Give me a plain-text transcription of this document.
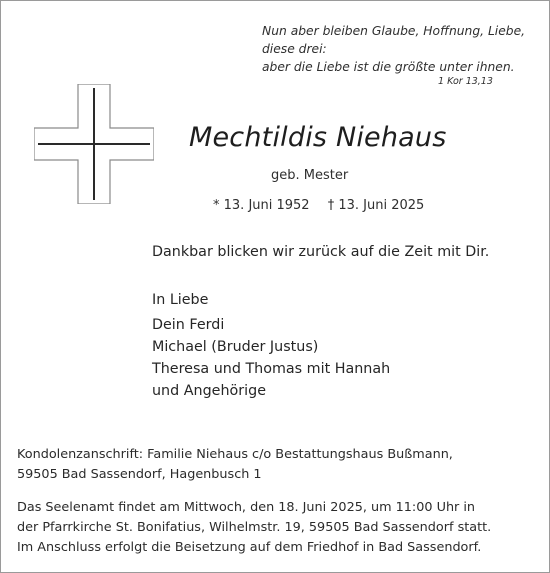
Nun aber bleiben Glaube, Hoffnung, Liebe,
diese drei:
aber die Liebe ist die größte unter ihnen.
1 Kor 13,13
Mechtildis Niehaus
geb. Mester
* 13. Juni 1952 † 13. Juni 2025
Dankbar blicken wir zurück auf die Zeit mit Dir.
In Liebe
Dein Ferdi
Michael (Bruder Justus)
Theresa und Thomas mit Hannah
und Angehörige
Kondolenzanschrift: Familie Niehaus c/o Bestattungshaus Bußmann,
59505 Bad Sassendorf, Hagenbusch 1
Das Seelenamt findet am Mittwoch, den 18. Juni 2025, um 11:00 Uhr in
der Pfarrkirche St. Bonifatius, Wilhelmstr. 19, 59505 Bad Sassendorf statt.
Im Anschluss erfolgt die Beisetzung auf dem Friedhof in Bad Sassendorf.
